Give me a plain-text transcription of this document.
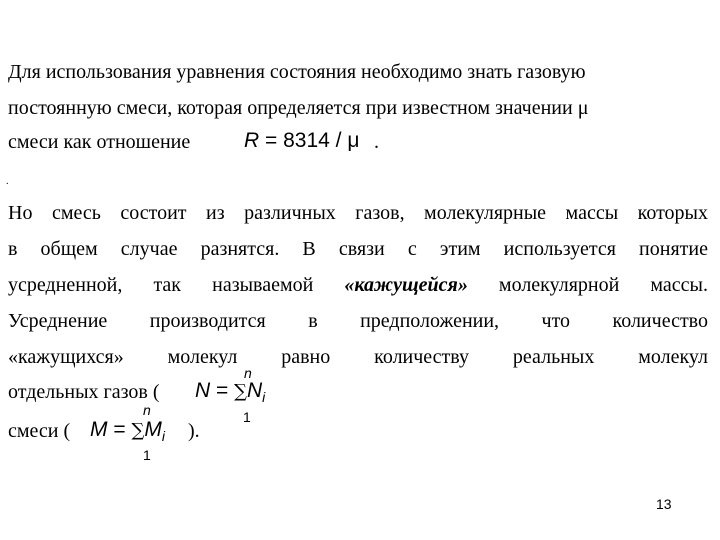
Для использования уравнения состояния необходимо знать газовую
постоянную смеси, которая определяется при известном значении μ
смеси как отношение	R = 8314 / μ .
.
Но смесь состоит из различных газов, молекулярные массы которых
в общем случае разнятся. В связи с этим используется понятие
усредненной, так называемой «кажущейся» молекулярной массы.
Усреднение производится в предположении, что количество
«кажущихся» молекул равно количеству реальных молекул
отдельных газов ( $N = \sum N_i$
n
1
смеси ( $M = \sum M_i$
n
1
).
13
